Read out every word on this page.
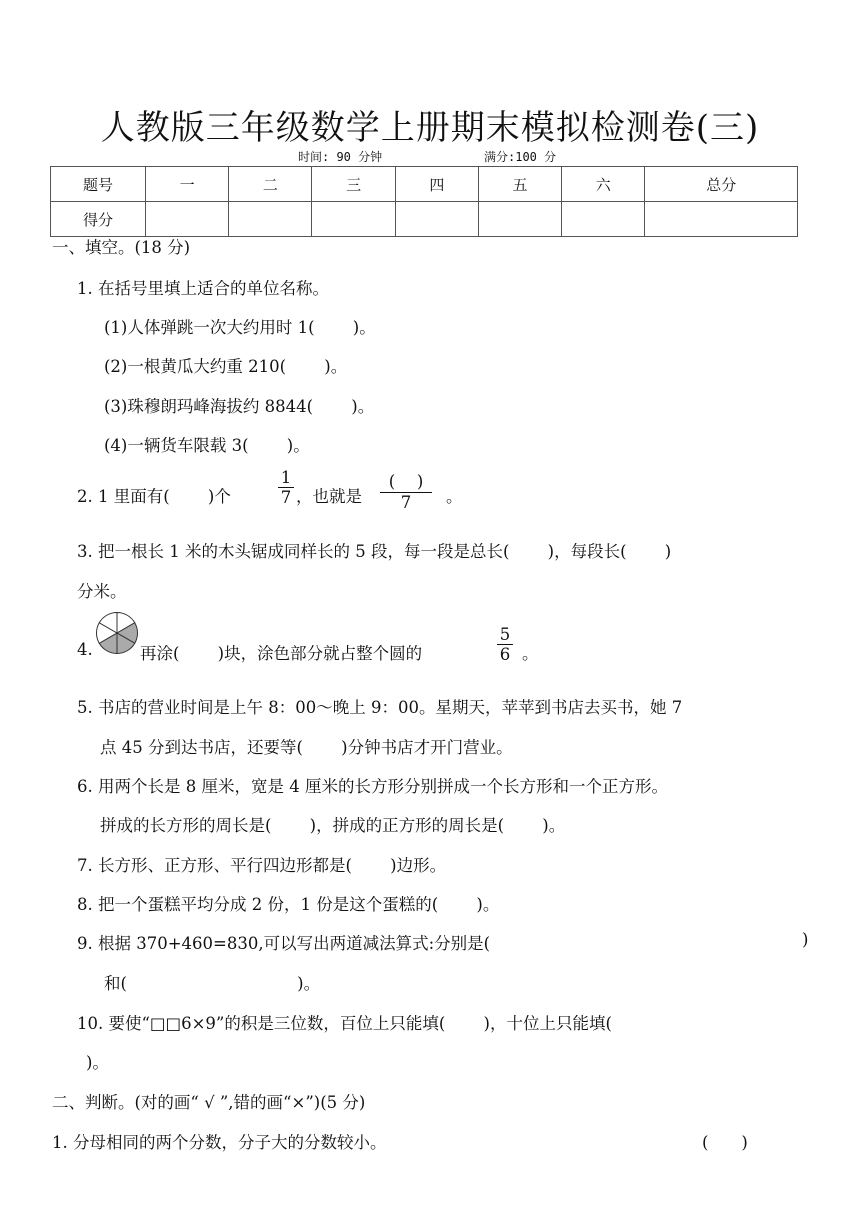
人教版三年级数学上册期末模拟检测卷(三)
时间: 90 分钟	满分:100 分
题号	一	二	三	四	五	六	总分
得分							
一、填空。(18 分)
1. 在括号里填上适合的单位名称。
(1)人体弹跳一次大约用时 1(　　 )。
(2)一根黄瓜大约重 210(　　 )。
(3)珠穆朗玛峰海拔约 8844(　　 )。
(4)一辆货车限载 3(　　 )。
2. 1 里面有(　　 )个
1
7 ，也就是
(　 )
7	。
3. 把一根长 1 米的木头锯成同样长的 5 段，每一段是总长(　　 )，每段长(　　 )
分米。
4.	再涂(　　 )块，涂色部分就占整个圆的
5
6 。
5. 书店的营业时间是上午 8：00～晚上 9：00。星期天，苹苹到书店去买书，她 7
点 45 分到达书店，还要等(　　 )分钟书店才开门营业。
6. 用两个长是 8 厘米，宽是 4 厘米的长方形分别拼成一个长方形和一个正方形。
拼成的长方形的周长是(　　 )，拼成的正方形的周长是(　　 )。
7. 长方形、正方形、平行四边形都是(　　 )边形。
8. 把一个蛋糕平均分成 2 份，1 份是这个蛋糕的(　　 )。
9. 根据 370+460=830,可以写出两道减法算式:分别是(	)
和(　　　　　　　　　　 )。
10. 要使“□□6×9”的积是三位数，百位上只能填(　　 )，十位上只能填(
)。
二、判断。(对的画“ √ ”,错的画“×”)(5 分)
1. 分母相同的两个分数，分子大的分数较小。	(　　)
